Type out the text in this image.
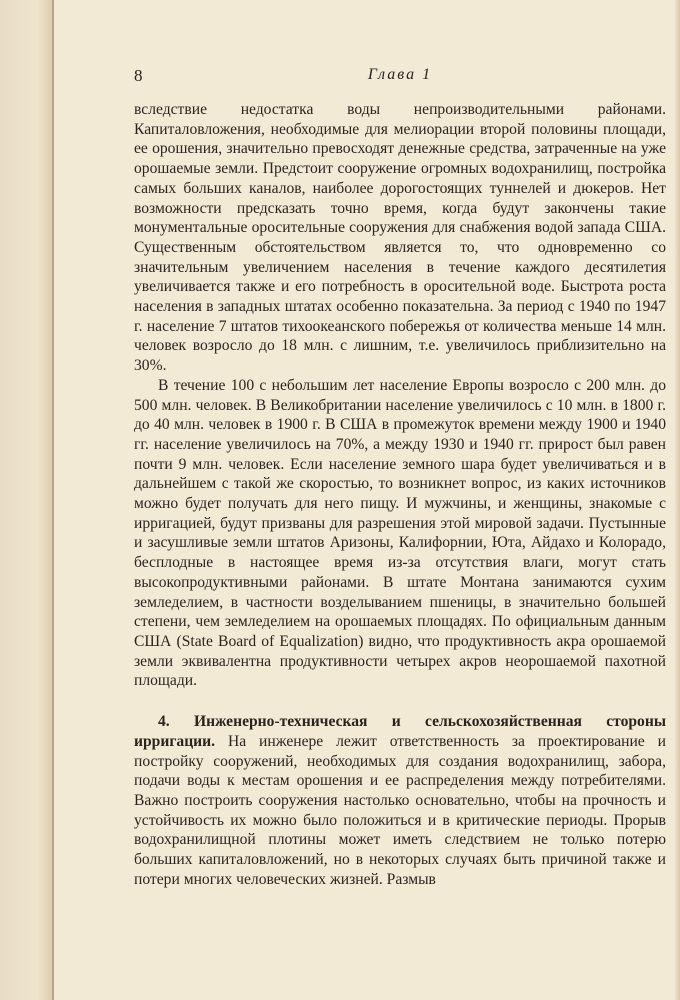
8	Глава 1

вследствие недостатка воды непроизводительными районами. Капиталовложения, необходимые для мелиорации второй половины площади, ее орошения, значительно превосходят денежные средства, затраченные на уже орошаемые земли. Предстоит сооружение огромных водохранилищ, постройка самых больших каналов, наиболее дорогостоящих туннелей и дюкеров. Нет возможности предсказать точно время, когда будут закончены такие монументальные оросительные сооружения для снабжения водой запада США. Существенным обстоятельством является то, что одновременно со значительным увеличением населения в течение каждого десятилетия увеличивается также и его потребность в оросительной воде. Быстрота роста населения в западных штатах особенно показательна. За период с 1940 по 1947 г. население 7 штатов тихоокеанского побережья от количества меньше 14 млн. человек возросло до 18 млн. с лишним, т.е. увеличилось приблизительно на 30%.

В течение 100 с небольшим лет население Европы возросло с 200 млн. до 500 млн. человек. В Великобритании население увеличилось с 10 млн. в 1800 г. до 40 млн. человек в 1900 г. В США в промежуток времени между 1900 и 1940 гг. население увеличилось на 70%, а между 1930 и 1940 гг. прирост был равен почти 9 млн. человек. Если население земного шара будет увеличиваться и в дальнейшем с такой же скоростью, то возникнет вопрос, из каких источников можно будет получать для него пищу. И мужчины, и женщины, знакомые с ирригацией, будут призваны для разрешения этой мировой задачи. Пустынные и засушливые земли штатов Аризоны, Калифорнии, Юта, Айдахо и Колорадо, бесплодные в настоящее время из-за отсутствия влаги, могут стать высокопродуктивными районами. В штате Монтана занимаются сухим земледелием, в частности возделыванием пшеницы, в значительно большей степени, чем земледелием на орошаемых площадях. По официальным данным США (State Board of Equalization) видно, что продуктивность акра орошаемой земли эквивалентна продуктивности четырех акров неорошаемой пахотной площади.

4. Инженерно-техническая и сельскохозяйственная стороны ирригации. На инженере лежит ответственность за проектирование и постройку сооружений, необходимых для создания водохранилищ, забора, подачи воды к местам орошения и ее распределения между потребителями. Важно построить сооружения настолько основательно, чтобы на прочность и устойчивость их можно было положиться и в критические периоды. Прорыв водохранилищной плотины может иметь следствием не только потерю больших капиталовложений, но в некоторых случаях быть причиной также и потери многих человеческих жизней. Размыв
